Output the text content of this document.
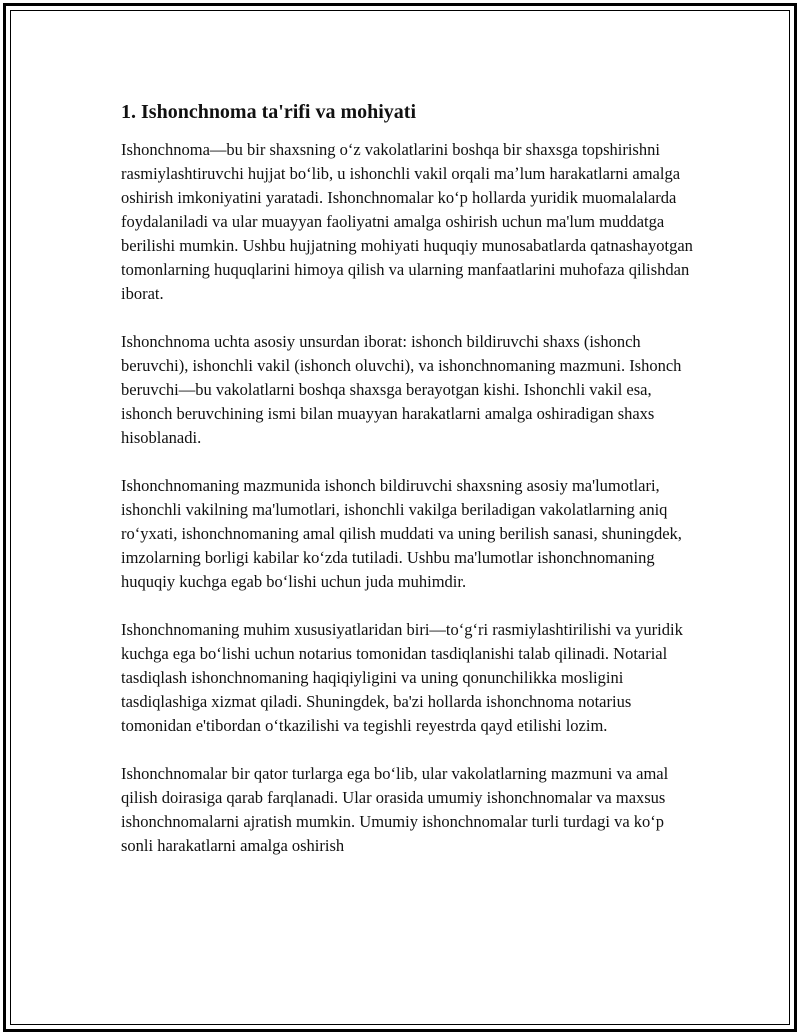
1. Ishonchnoma ta'rifi va mohiyati

Ishonchnoma—bu bir shaxsning oʻz vakolatlarini boshqa bir shaxsga topshirishni rasmiylashtiruvchi hujjat boʻlib, u ishonchli vakil orqali maʼlum harakatlarni amalga oshirish imkoniyatini yaratadi. Ishonchnomalar koʻp hollarda yuridik muomalalarda foydalaniladi va ular muayyan faoliyatni amalga oshirish uchun ma'lum muddatga berilishi mumkin. Ushbu hujjatning mohiyati huquqiy munosabatlarda qatnashayotgan tomonlarning huquqlarini himoya qilish va ularning manfaatlarini muhofaza qilishdan iborat.

Ishonchnoma uchta asosiy unsurdan iborat: ishonch bildiruvchi shaxs (ishonch beruvchi), ishonchli vakil (ishonch oluvchi), va ishonchnomaning mazmuni. Ishonch beruvchi—bu vakolatlarni boshqa shaxsga berayotgan kishi. Ishonchli vakil esa, ishonch beruvchining ismi bilan muayyan harakatlarni amalga oshiradigan shaxs hisoblanadi.

Ishonchnomaning mazmunida ishonch bildiruvchi shaxsning asosiy ma'lumotlari, ishonchli vakilning ma'lumotlari, ishonchli vakilga beriladigan vakolatlarning aniq roʻyxati, ishonchnomaning amal qilish muddati va uning berilish sanasi, shuningdek, imzolarning borligi kabilar koʻzda tutiladi. Ushbu ma'lumotlar ishonchnomaning huquqiy kuchga egab boʻlishi uchun juda muhimdir.

Ishonchnomaning muhim xususiyatlaridan biri—toʻgʻri rasmiylashtirilishi va yuridik kuchga ega boʻlishi uchun notarius tomonidan tasdiqlanishi talab qilinadi. Notarial tasdiqlash ishonchnomaning haqiqiyligini va uning qonunchilikka mosligini tasdiqlashiga xizmat qiladi. Shuningdek, ba'zi hollarda ishonchnoma notarius tomonidan e'tibordan oʻtkazilishi va tegishli reyestrda qayd etilishi lozim.

Ishonchnomalar bir qator turlarga ega boʻlib, ular vakolatlarning mazmuni va amal qilish doirasiga qarab farqlanadi. Ular orasida umumiy ishonchnomalar va maxsus ishonchnomalarni ajratish mumkin. Umumiy ishonchnomalar turli turdagi va koʻp sonli harakatlarni amalga oshirish
